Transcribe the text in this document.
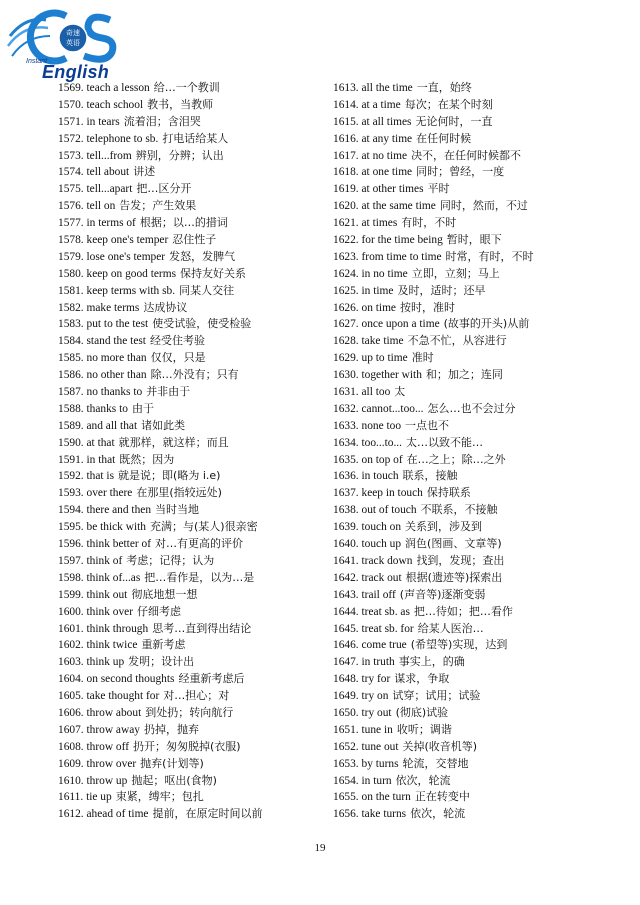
奇速
英语
Instant
English
1569. teach a lesson 给…一个教训
1570. teach school 教书，当教师
1571. in tears 流着泪；含泪哭
1572. telephone to sb. 打电话给某人
1573. tell...from 辨别，分辨；认出
1574. tell about 讲述
1575. tell...apart 把…区分开
1576. tell on 告发；产生效果
1577. in terms of 根据；以…的措词
1578. keep one's temper 忍住性子
1579. lose one's temper 发怒，发脾气
1580. keep on good terms 保持友好关系
1581. keep terms with sb. 同某人交往
1582. make terms 达成协议
1583. put to the test 使受试验，使受检验
1584. stand the test 经受住考验
1585. no more than 仅仅，只是
1586. no other than 除…外没有；只有
1587. no thanks to 并非由于
1588. thanks to 由于
1589. and all that 诸如此类
1590. at that 就那样，就这样；而且
1591. in that 既然；因为
1592. that is 就是说；即(略为 i.e)
1593. over there 在那里(指较远处)
1594. there and then 当时当地
1595. be thick with 充满；与(某人)很亲密
1596. think better of 对…有更高的评价
1597. think of 考虑；记得；认为
1598. think of...as 把…看作是，以为…是
1599. think out 彻底地想一想
1600. think over 仔细考虑
1601. think through 思考…直到得出结论
1602. think twice 重新考虑
1603. think up 发明；设计出
1604. on second thoughts 经重新考虑后
1605. take thought for 对…担心；对
1606. throw about 到处扔；转向航行
1607. throw away 扔掉，抛弃
1608. throw off 扔开；匆匆脱掉(衣服)
1609. throw over 抛弃(计划等)
1610. throw up 抛起；呕出(食物)
1611. tie up 束紧，缚牢；包扎
1612. ahead of time 提前，在原定时间以前
1613. all the time 一直，始终
1614. at a time 每次；在某个时刻
1615. at all times 无论何时，一直
1616. at any time 在任何时候
1617. at no time 决不，在任何时候都不
1618. at one time 同时；曾经，一度
1619. at other times 平时
1620. at the same time 同时，然而，不过
1621. at times 有时，不时
1622. for the time being 暂时，眼下
1623. from time to time 时常，有时，不时
1624. in no time 立即，立刻；马上
1625. in time 及时，适时；还早
1626. on time 按时，准时
1627. once upon a time (故事的开头)从前
1628. take time 不急不忙，从容进行
1629. up to time 准时
1630. together with 和；加之；连同
1631. all too 太
1632. cannot...too... 怎么…也不会过分
1633. none too 一点也不
1634. too...to... 太…以致不能…
1635. on top of 在…之上；除…之外
1636. in touch 联系，接触
1637. keep in touch 保持联系
1638. out of touch 不联系，不接触
1639. touch on 关系到，涉及到
1640. touch up 润色(图画、文章等)
1641. track down 找到，发现；查出
1642. track out 根据(遗迹等)探索出
1643. trail off (声音等)逐渐变弱
1644. treat sb. as 把…待如；把…看作
1645. treat sb. for 给某人医治…
1646. come true (希望等)实现，达到
1647. in truth 事实上，的确
1648. try for 谋求，争取
1649. try on 试穿；试用；试验
1650. try out (彻底)试验
1651. tune in 收听；调谐
1652. tune out 关掉(收音机等)
1653. by turns 轮流，交替地
1654. in turn 依次，轮流
1655. on the turn 正在转变中
1656. take turns 依次，轮流
19
